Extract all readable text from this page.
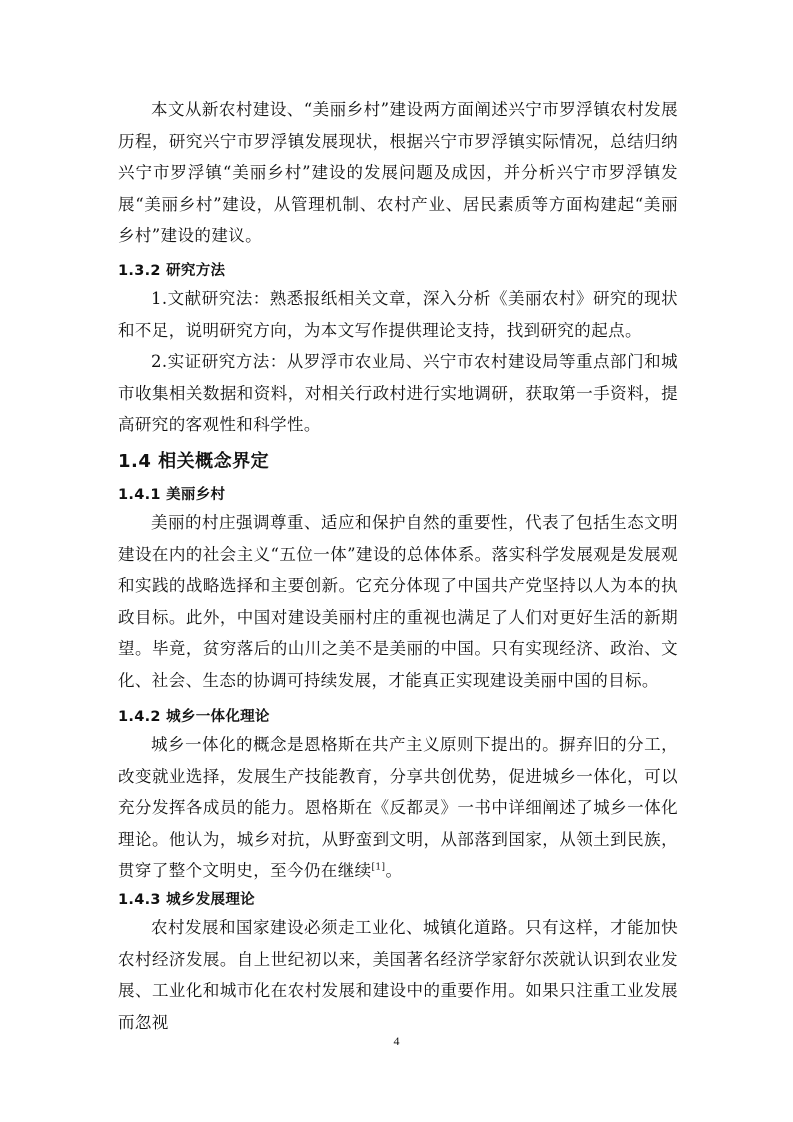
本文从新农村建设、“美丽乡村”建设两方面阐述兴宁市罗浮镇农村发展历程，研究兴宁市罗浮镇发展现状，根据兴宁市罗浮镇实际情况，总结归纳兴宁市罗浮镇“美丽乡村”建设的发展问题及成因，并分析兴宁市罗浮镇发展“美丽乡村”建设，从管理机制、农村产业、居民素质等方面构建起“美丽乡村”建设的建议。

1.3.2 研究方法

1.文献研究法：熟悉报纸相关文章，深入分析《美丽农村》研究的现状和不足，说明研究方向，为本文写作提供理论支持，找到研究的起点。

2.实证研究方法：从罗浮市农业局、兴宁市农村建设局等重点部门和城市收集相关数据和资料，对相关行政村进行实地调研，获取第一手资料，提高研究的客观性和科学性。

1.4 相关概念界定

1.4.1 美丽乡村

美丽的村庄强调尊重、适应和保护自然的重要性，代表了包括生态文明建设在内的社会主义“五位一体”建设的总体体系。落实科学发展观是发展观和实践的战略选择和主要创新。它充分体现了中国共产党坚持以人为本的执政目标。此外，中国对建设美丽村庄的重视也满足了人们对更好生活的新期望。毕竟，贫穷落后的山川之美不是美丽的中国。只有实现经济、政治、文化、社会、生态的协调可持续发展，才能真正实现建设美丽中国的目标。

1.4.2 城乡一体化理论

城乡一体化的概念是恩格斯在共产主义原则下提出的。摒弃旧的分工，改变就业选择，发展生产技能教育，分享共创优势，促进城乡一体化，可以充分发挥各成员的能力。恩格斯在《反都灵》一书中详细阐述了城乡一体化理论。他认为，城乡对抗，从野蛮到文明，从部落到国家，从领土到民族，贯穿了整个文明史，至今仍在继续[1]。

1.4.3 城乡发展理论

农村发展和国家建设必须走工业化、城镇化道路。只有这样，才能加快农村经济发展。自上世纪初以来，美国著名经济学家舒尔茨就认识到农业发展、工业化和城市化在农村发展和建设中的重要作用。如果只注重工业发展而忽视

4
